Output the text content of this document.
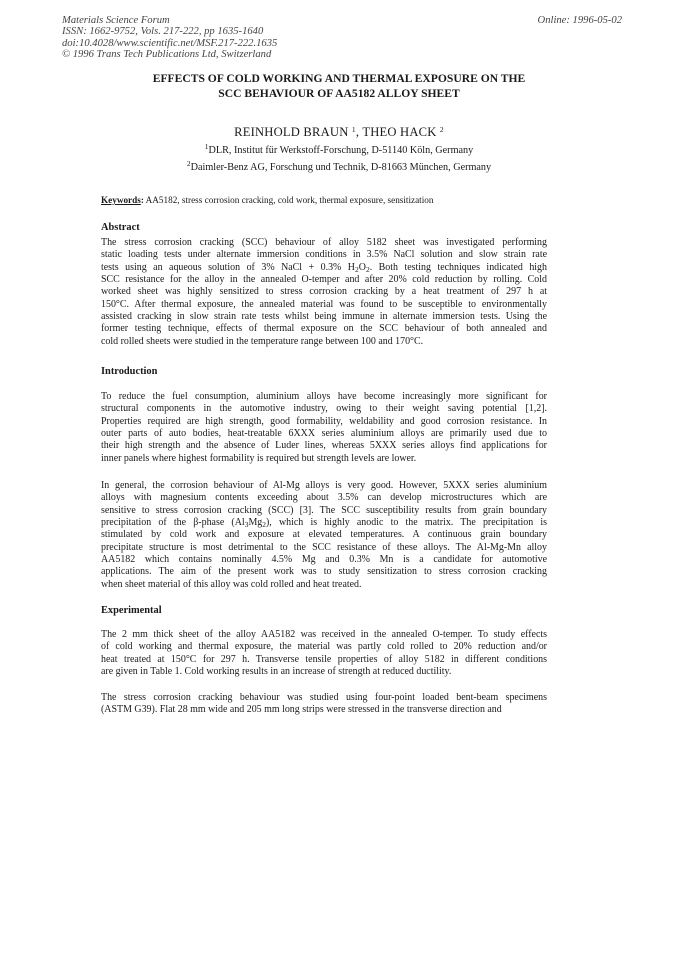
Materials Science Forum
ISSN: 1662-9752, Vols. 217-222, pp 1635-1640
doi:10.4028/www.scientific.net/MSF.217-222.1635
© 1996 Trans Tech Publications Ltd, Switzerland
Online: 1996-05-02
EFFECTS OF COLD WORKING AND THERMAL EXPOSURE ON THE
SCC BEHAVIOUR OF AA5182 ALLOY SHEET
REINHOLD BRAUN $^1$, THEO HACK $^2$
$^1$DLR, Institut für Werkstoff-Forschung, D-51140 Köln, Germany
$^2$Daimler-Benz AG, Forschung und Technik, D-81663 München, Germany
Keywords: AA5182, stress corrosion cracking, cold work, thermal exposure, sensitization
Abstract
The stress corrosion cracking (SCC) behaviour of alloy 5182 sheet was investigated performing
static loading tests under alternate immersion conditions in 3.5% NaCl solution and slow strain rate
tests using an aqueous solution of 3% NaCl + 0.3% $H_2O_2$. Both testing techniques indicated high
SCC resistance for the alloy in the annealed O-temper and after 20% cold reduction by rolling. Cold
worked sheet was highly sensitized to stress corrosion cracking by a heat treatment of 297 h at
150°C. After thermal exposure, the annealed material was found to be susceptible to environmentally
assisted cracking in slow strain rate tests whilst being immune in alternate immersion tests. Using the
former testing technique, effects of thermal exposure on the SCC behaviour of both annealed and
cold rolled sheets were studied in the temperature range between 100 and 170°C.
Introduction
To reduce the fuel consumption, aluminium alloys have become increasingly more significant for
structural components in the automotive industry, owing to their weight saving potential [1,2].
Properties required are high strength, good formability, weldability and good corrosion resistance. In
outer parts of auto bodies, heat-treatable 6XXX series aluminium alloys are primarily used due to
their high strength and the absence of Luder lines, whereas 5XXX series alloys find applications for
inner panels where highest formability is required but strength levels are lower.
In general, the corrosion behaviour of Al-Mg alloys is very good. However, 5XXX series aluminium
alloys with magnesium contents exceeding about 3.5% can develop microstructures which are
sensitive to stress corrosion cracking (SCC) [3]. The SCC susceptibility results from grain boundary
precipitation of the β-phase $(Al_3Mg_2)$, which is highly anodic to the matrix. The precipitation is
stimulated by cold work and exposure at elevated temperatures. A continuous grain boundary
precipitate structure is most detrimental to the SCC resistance of these alloys. The Al-Mg-Mn alloy
AA5182 which contains nominally 4.5% Mg and 0.3% Mn is a candidate for automotive
applications. The aim of the present work was to study sensitization to stress corrosion cracking
when sheet material of this alloy was cold rolled and heat treated.
Experimental
The 2 mm thick sheet of the alloy AA5182 was received in the annealed O-temper. To study effects
of cold working and thermal exposure, the material was partly cold rolled to 20% reduction and/or
heat treated at 150°C for 297 h. Transverse tensile properties of alloy 5182 in different conditions
are given in Table 1. Cold working results in an increase of strength at reduced ductility.
The stress corrosion cracking behaviour was studied using four-point loaded bent-beam specimens
(ASTM G39). Flat 28 mm wide and 205 mm long strips were stressed in the transverse direction and
